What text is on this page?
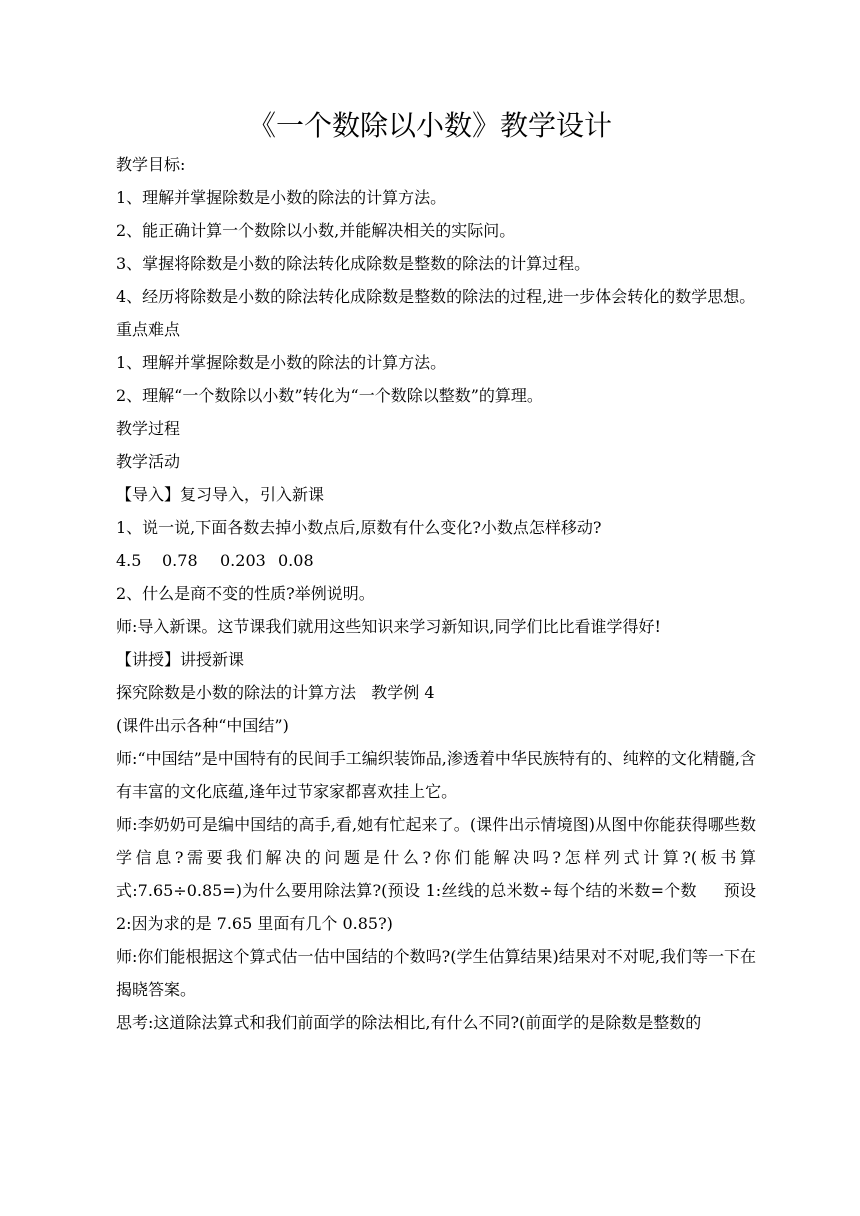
《一个数除以小数》教学设计

教学目标:

1、理解并掌握除数是小数的除法的计算方法。

2、能正确计算一个数除以小数,并能解决相关的实际问。

3、掌握将除数是小数的除法转化成除数是整数的除法的计算过程。

4、经历将除数是小数的除法转化成除数是整数的除法的过程,进一步体会转化的数学思想。

重点难点

1、理解并掌握除数是小数的除法的计算方法。

2、理解“一个数除以小数”转化为“一个数除以整数”的算理。

教学过程

教学活动

【导入】复习导入，引入新课

1、说一说,下面各数去掉小数点后,原数有什么变化?小数点怎样移动?

4.5 0.78 0.203 0.08

2、什么是商不变的性质?举例说明。

师:导入新课。这节课我们就用这些知识来学习新知识,同学们比比看谁学得好!

【讲授】讲授新课

探究除数是小数的除法的计算方法   教学例 4

(课件出示各种“中国结”)

师:“中国结”是中国特有的民间手工编织装饰品,渗透着中华民族特有的、纯粹的文化精髓,含有丰富的文化底蕴,逢年过节家家都喜欢挂上它。

师:李奶奶可是编中国结的高手,看,她有忙起来了。(课件出示情境图)从图中你能获得哪些数学信息?需要我们解决的问题是什么?你们能解决吗?怎样列式计算?(板书算式:7.65÷0.85=)为什么要用除法算?(预设 1:丝线的总米数÷每个结的米数=个数     预设 2:因为求的是 7.65 里面有几个 0.85?)

师:你们能根据这个算式估一估中国结的个数吗?(学生估算结果)结果对不对呢,我们等一下在揭晓答案。

思考:这道除法算式和我们前面学的除法相比,有什么不同?(前面学的是除数是整数的
